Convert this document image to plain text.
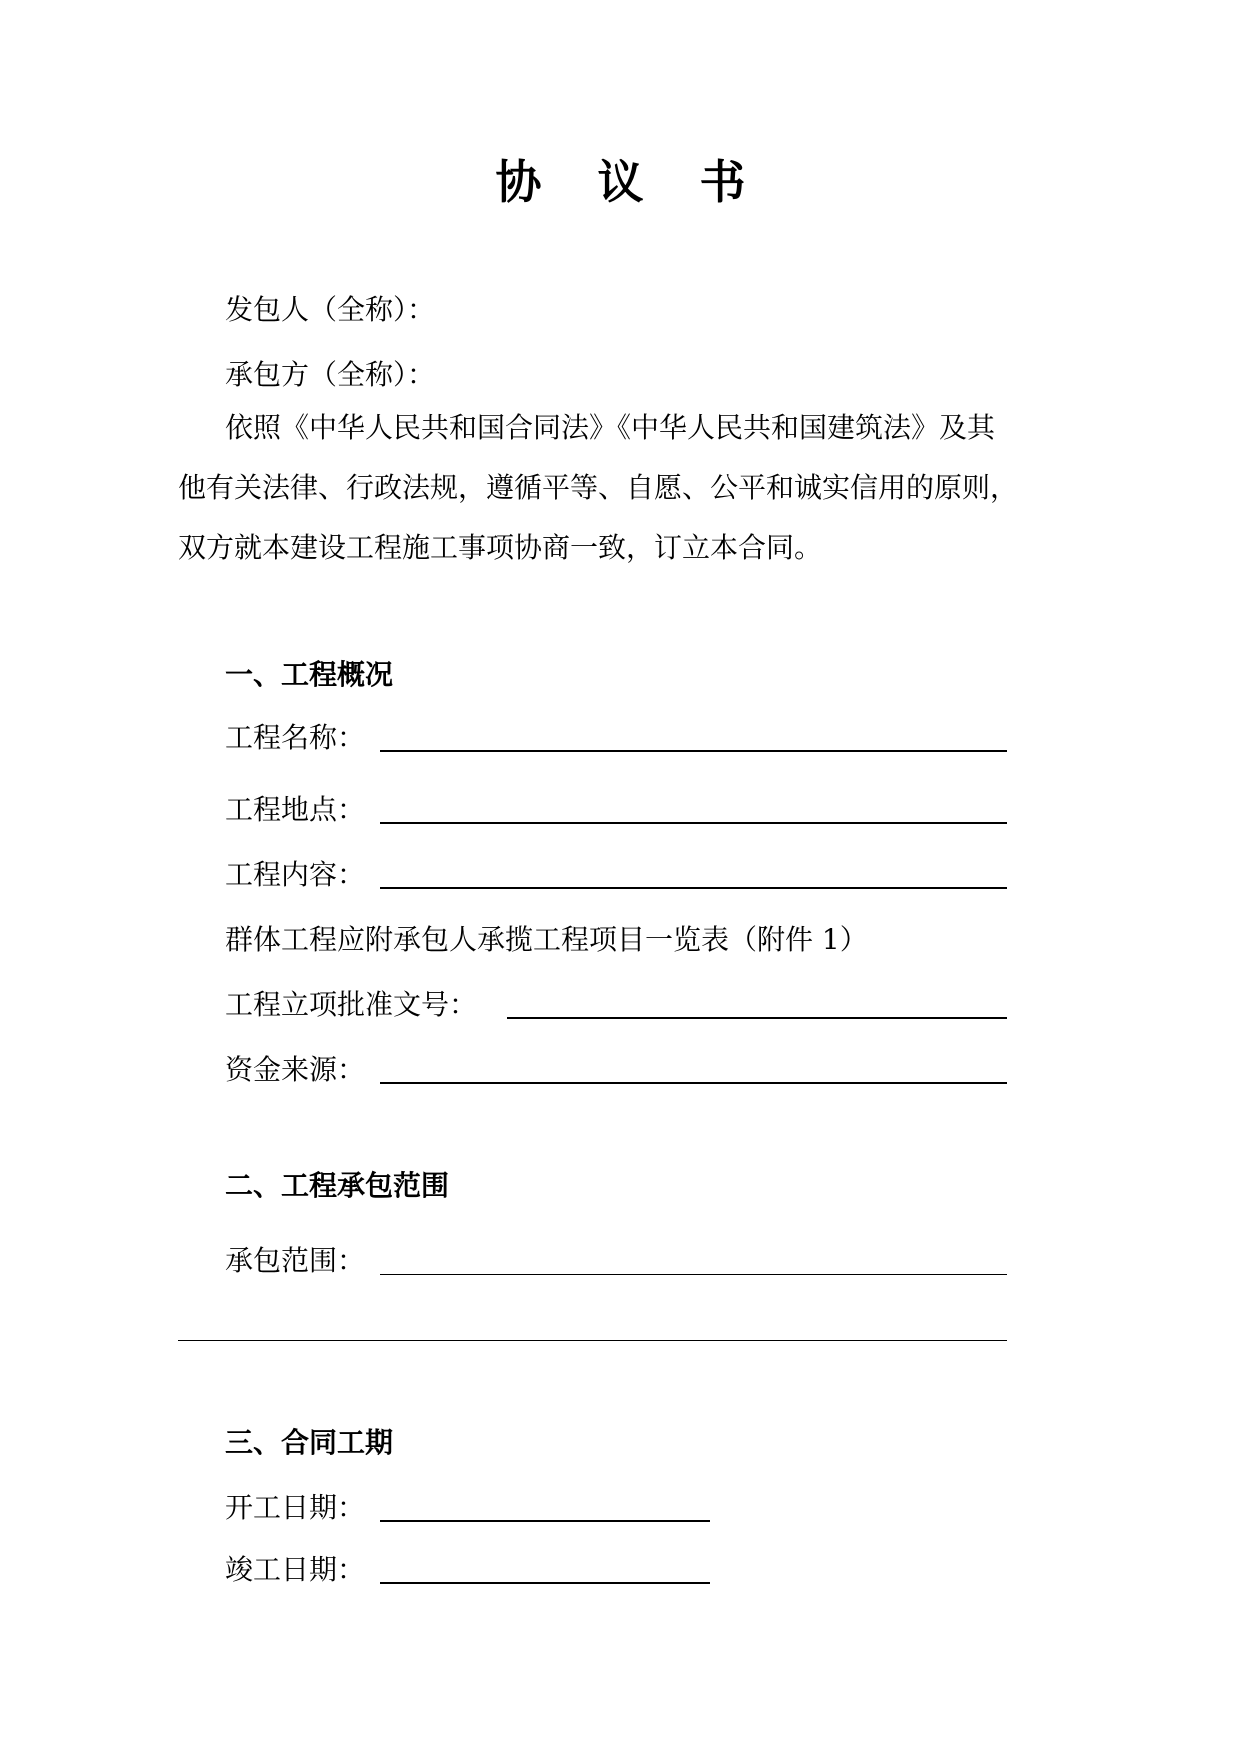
协 议 书
发包人（全称）：
承包方（全称）：
依照《中华人民共和国合同法》《中华人民共和国建筑法》及其
他有关法律、行政法规，遵循平等、自愿、公平和诚实信用的原则，
双方就本建设工程施工事项协商一致，订立本合同。
一、工程概况
工程名称：
工程地点：
工程内容：
群体工程应附承包人承揽工程项目一览表（附件 1）
工程立项批准文号：
资金来源：
二、工程承包范围
承包范围：
三、合同工期
开工日期：
竣工日期：
